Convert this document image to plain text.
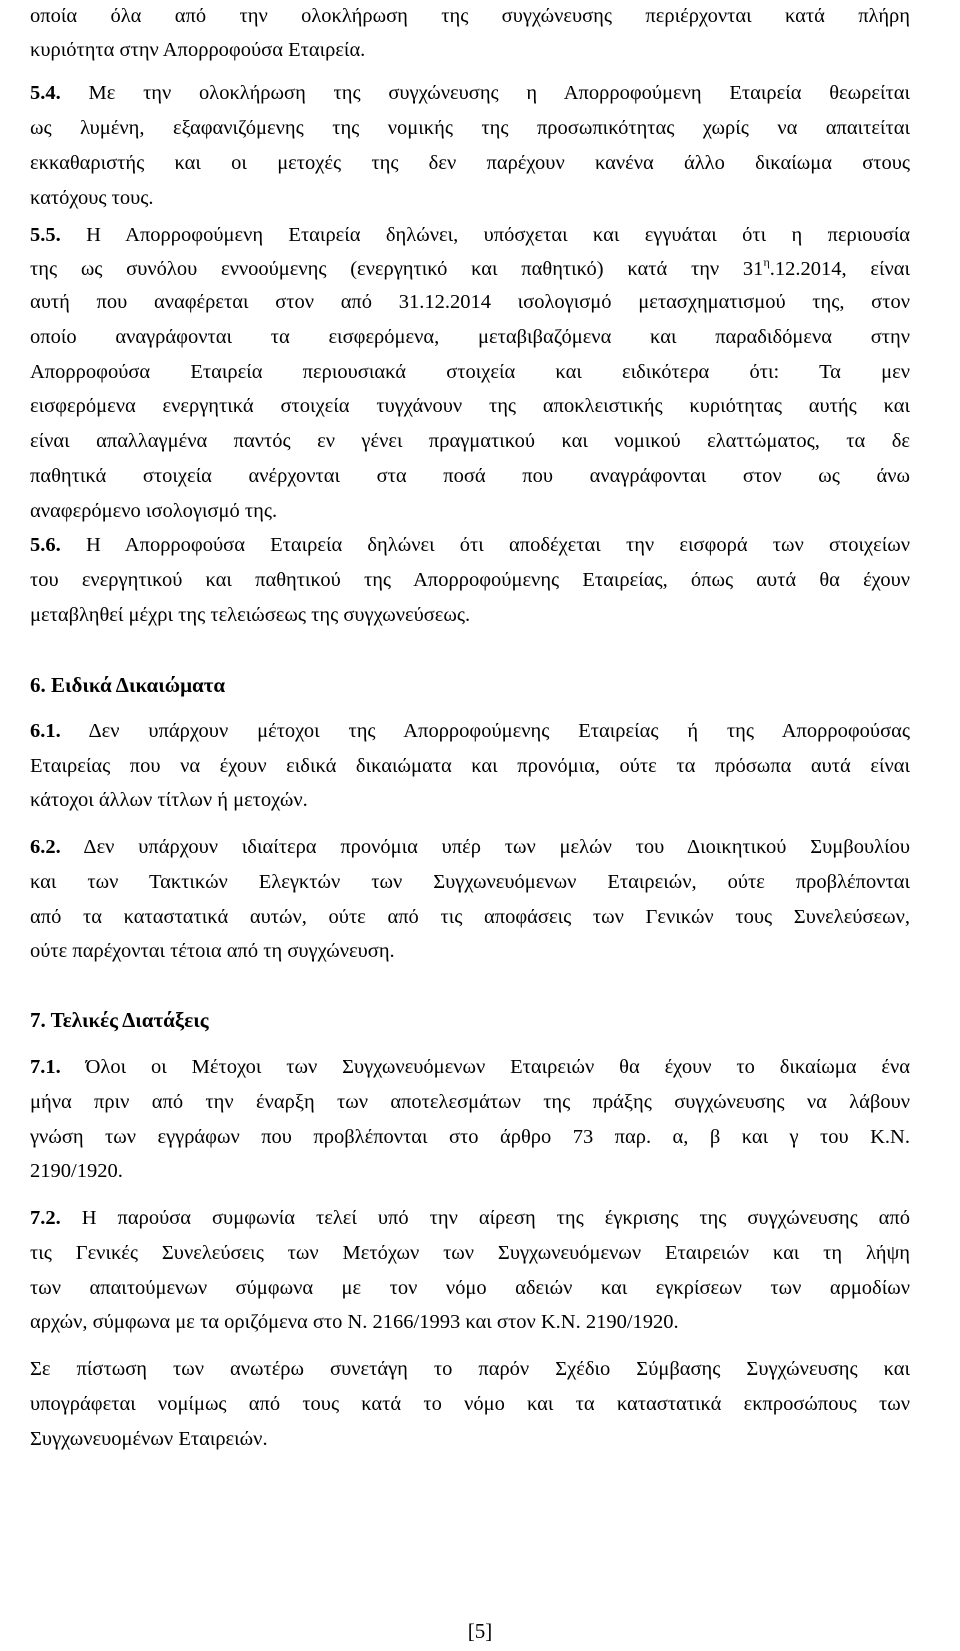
οποία όλα από την ολοκλήρωση της συγχώνευσης περιέρχονται κατά πλήρη
κυριότητα στην Απορροφούσα Εταιρεία.
5.4. Με την ολοκλήρωση της συγχώνευσης η Απορροφούμενη Εταιρεία θεωρείται
ως λυμένη, εξαφανιζόμενης της νομικής της προσωπικότητας χωρίς να απαιτείται
εκκαθαριστής και οι μετοχές της δεν παρέχουν κανένα άλλο δικαίωμα στους
κατόχους τους.
5.5. Η Απορροφούμενη Εταιρεία δηλώνει, υπόσχεται και εγγυάται ότι η περιουσία
της ως συνόλου εννοούμενης (ενεργητικό και παθητικό) κατά την $31^\eta.12.2014$, είναι
αυτή που αναφέρεται στον από 31.12.2014 ισολογισμό μετασχηματισμού της, στον
οποίο αναγράφονται τα εισφερόμενα, μεταβιβαζόμενα και παραδιδόμενα στην
Απορροφούσα Εταιρεία περιουσιακά στοιχεία και ειδικότερα ότι: Τα μεν
εισφερόμενα ενεργητικά στοιχεία τυγχάνουν της αποκλειστικής κυριότητας αυτής και
είναι απαλλαγμένα παντός εν γένει πραγματικού και νομικού ελαττώματος, τα δε
παθητικά στοιχεία ανέρχονται στα ποσά που αναγράφονται στον ως άνω
αναφερόμενο ισολογισμό της.
5.6. Η Απορροφούσα Εταιρεία δηλώνει ότι αποδέχεται την εισφορά των στοιχείων
του ενεργητικού και παθητικού της Απορροφούμενης Εταιρείας, όπως αυτά θα έχουν
μεταβληθεί μέχρι της τελειώσεως της συγχωνεύσεως.
6. Ειδικά Δικαιώματα
6.1. Δεν υπάρχουν μέτοχοι της Απορροφούμενης Εταιρείας ή της Απορροφούσας
Εταιρείας που να έχουν ειδικά δικαιώματα και προνόμια, ούτε τα πρόσωπα αυτά είναι
κάτοχοι άλλων τίτλων ή μετοχών.
6.2. Δεν υπάρχουν ιδιαίτερα προνόμια υπέρ των μελών του Διοικητικού Συμβουλίου
και των Τακτικών Ελεγκτών των Συγχωνευόμενων Εταιρειών, ούτε προβλέπονται
από τα καταστατικά αυτών, ούτε από τις αποφάσεις των Γενικών τους Συνελεύσεων,
ούτε παρέχονται τέτοια από τη συγχώνευση.
7. Τελικές Διατάξεις
7.1. Όλοι οι Μέτοχοι των Συγχωνευόμενων Εταιρειών θα έχουν το δικαίωμα ένα
μήνα πριν από την έναρξη των αποτελεσμάτων της πράξης συγχώνευσης να λάβουν
γνώση των εγγράφων που προβλέπονται στο άρθρο 73 παρ. α, β και γ του Κ.Ν.
2190/1920.
7.2. Η παρούσα συμφωνία τελεί υπό την αίρεση της έγκρισης της συγχώνευσης από
τις Γενικές Συνελεύσεις των Μετόχων των Συγχωνευόμενων Εταιρειών και τη λήψη
των απαιτούμενων σύμφωνα με τον νόμο αδειών και εγκρίσεων των αρμοδίων
αρχών, σύμφωνα με τα οριζόμενα στο Ν. 2166/1993 και στον Κ.Ν. 2190/1920.
Σε πίστωση των ανωτέρω συνετάγη το παρόν Σχέδιο Σύμβασης Συγχώνευσης και
υπογράφεται νομίμως από τους κατά το νόμο και τα καταστατικά εκπροσώπους των
Συγχωνευομένων Εταιρειών.
[5]
